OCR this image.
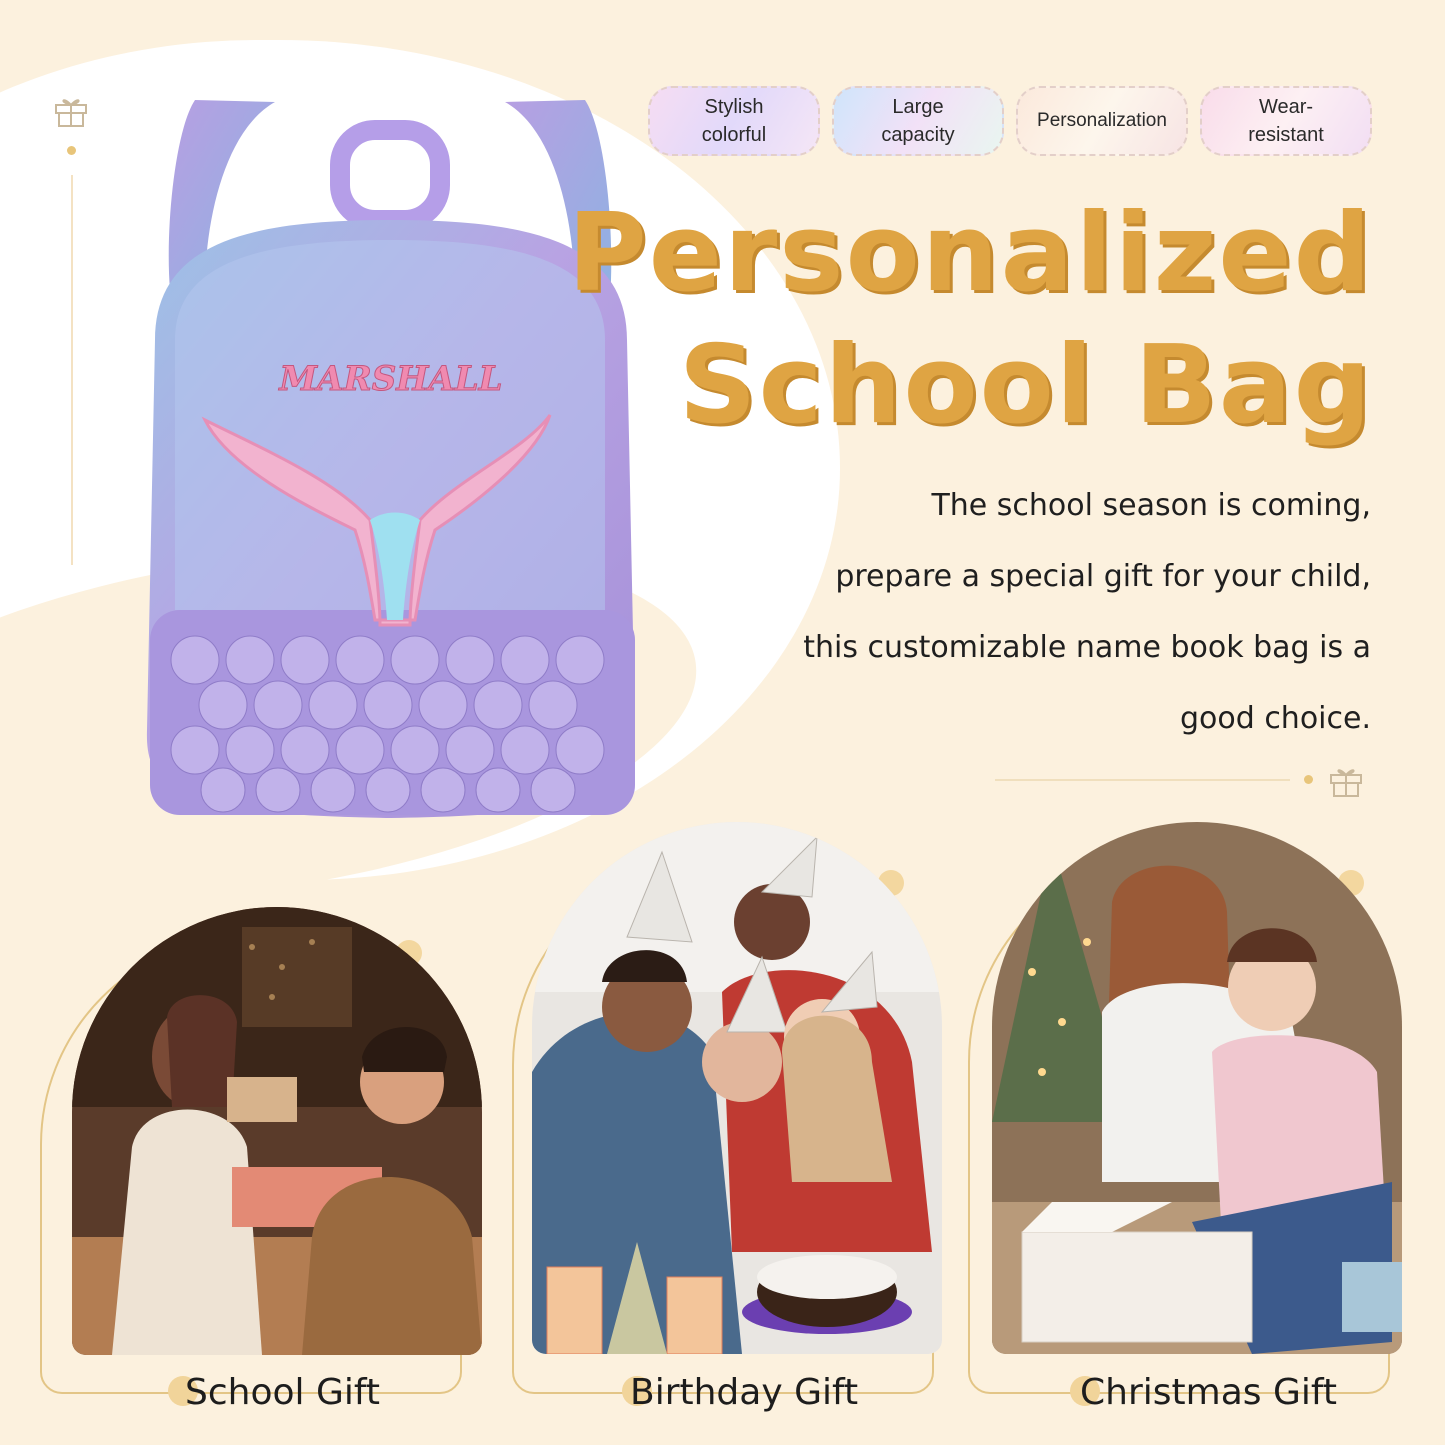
Stylish
colorful
Large
capacity
Personalization
Wear-
resistant
MARSHALL
Personalized
School Bag
The school season is coming,
prepare a special gift for your child,
this customizable name book bag is a
good choice.
School Gift	Birthday Gift	Christmas Gift
